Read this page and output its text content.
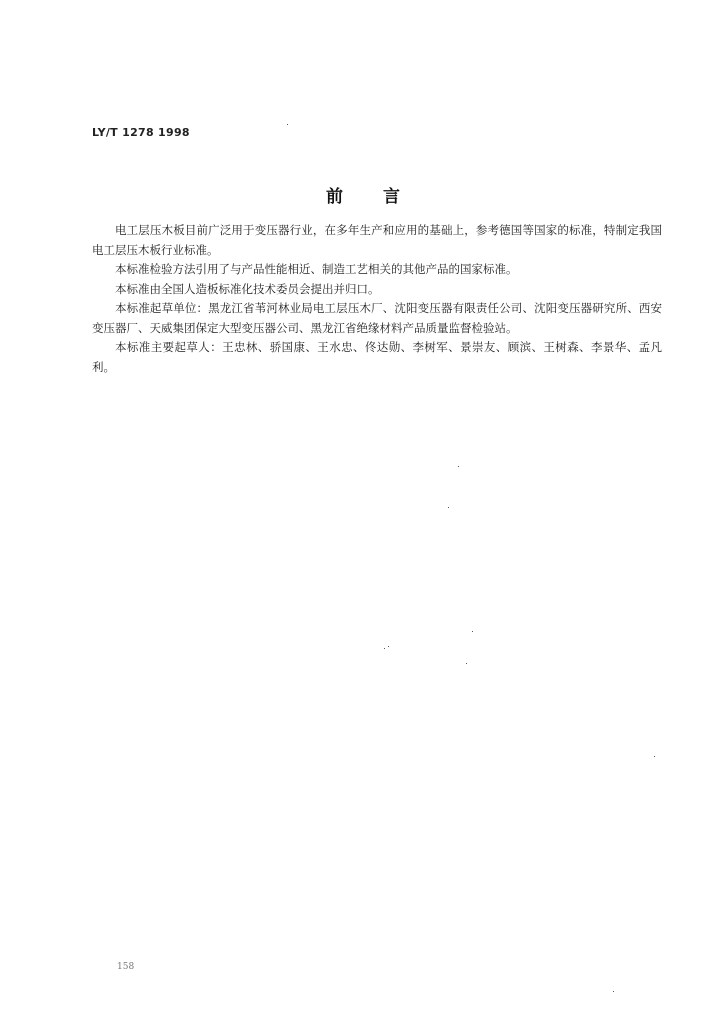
LY/T 1278 1998
前言

电工层压木板目前广泛用于变压器行业，在多年生产和应用的基础上，参考德国等国家的标准，特制定我国电工层压木板行业标准。

本标准检验方法引用了与产品性能相近、制造工艺相关的其他产品的国家标准。

本标准由全国人造板标准化技术委员会提出并归口。

本标准起草单位：黑龙江省苇河林业局电工层压木厂、沈阳变压器有限责任公司、沈阳变压器研究所、西安变压器厂、天威集团保定大型变压器公司、黑龙江省绝缘材料产品质量监督检验站。

本标准主要起草人：王忠林、骄国康、王水忠、佟达勋、李树军、景崇友、顾滨、王树森、李景华、孟凡利。

158
